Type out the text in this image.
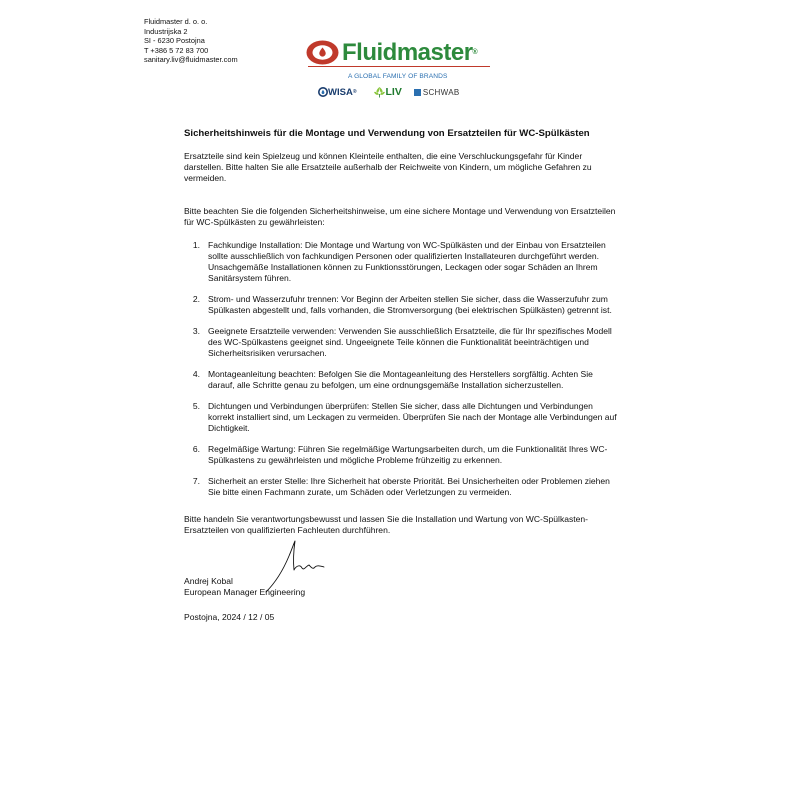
Fluidmaster d. o. o.
Industrijska 2
SI - 6230 Postojna
T +386 5 72 83 700
sanitary.liv@fluidmaster.com	Fluidmaster®
A GLOBAL FAMILY OF BRANDS
WISA ®	LIV	SCHWAB
Sicherheitshinweis für die Montage und Verwendung von Ersatzteilen für WC-Spülkästen

Ersatzteile sind kein Spielzeug und können Kleinteile enthalten, die eine Verschluckungsgefahr für Kinder darstellen. Bitte halten Sie alle Ersatzteile außerhalb der Reichweite von Kindern, um mögliche Gefahren zu vermeiden.

Bitte beachten Sie die folgenden Sicherheitshinweise, um eine sichere Montage und Verwendung von Ersatzteilen für WC-Spülkästen zu gewährleisten:

1. Fachkundige Installation: Die Montage und Wartung von WC-Spülkästen und der Einbau von Ersatzteilen sollte ausschließlich von fachkundigen Personen oder qualifizierten Installateuren durchgeführt werden. Unsachgemäße Installationen können zu Funktionsstörungen, Leckagen oder sogar Schäden an Ihrem Sanitärsystem führen.
2. Strom- und Wasserzufuhr trennen: Vor Beginn der Arbeiten stellen Sie sicher, dass die Wasserzufuhr zum Spülkasten abgestellt und, falls vorhanden, die Stromversorgung (bei elektrischen Spülkästen) getrennt ist.
3. Geeignete Ersatzteile verwenden: Verwenden Sie ausschließlich Ersatzteile, die für Ihr spezifisches Modell des WC-Spülkastens geeignet sind. Ungeeignete Teile können die Funktionalität beeinträchtigen und Sicherheitsrisiken verursachen.
4. Montageanleitung beachten: Befolgen Sie die Montageanleitung des Herstellers sorgfältig. Achten Sie darauf, alle Schritte genau zu befolgen, um eine ordnungsgemäße Installation sicherzustellen.
5. Dichtungen und Verbindungen überprüfen: Stellen Sie sicher, dass alle Dichtungen und Verbindungen korrekt installiert sind, um Leckagen zu vermeiden. Überprüfen Sie nach der Montage alle Verbindungen auf Dichtigkeit.
6. Regelmäßige Wartung: Führen Sie regelmäßige Wartungsarbeiten durch, um die Funktionalität Ihres WC-Spülkastens zu gewährleisten und mögliche Probleme frühzeitig zu erkennen.
7. Sicherheit an erster Stelle: Ihre Sicherheit hat oberste Priorität. Bei Unsicherheiten oder Problemen ziehen Sie bitte einen Fachmann zurate, um Schäden oder Verletzungen zu vermeiden.

Bitte handeln Sie verantwortungsbewusst und lassen Sie die Installation und Wartung von WC-Spülkasten-Ersatzteilen von qualifizierten Fachleuten durchführen.

Andrej Kobal
European Manager Engineering
Postojna, 2024 / 12 / 05
